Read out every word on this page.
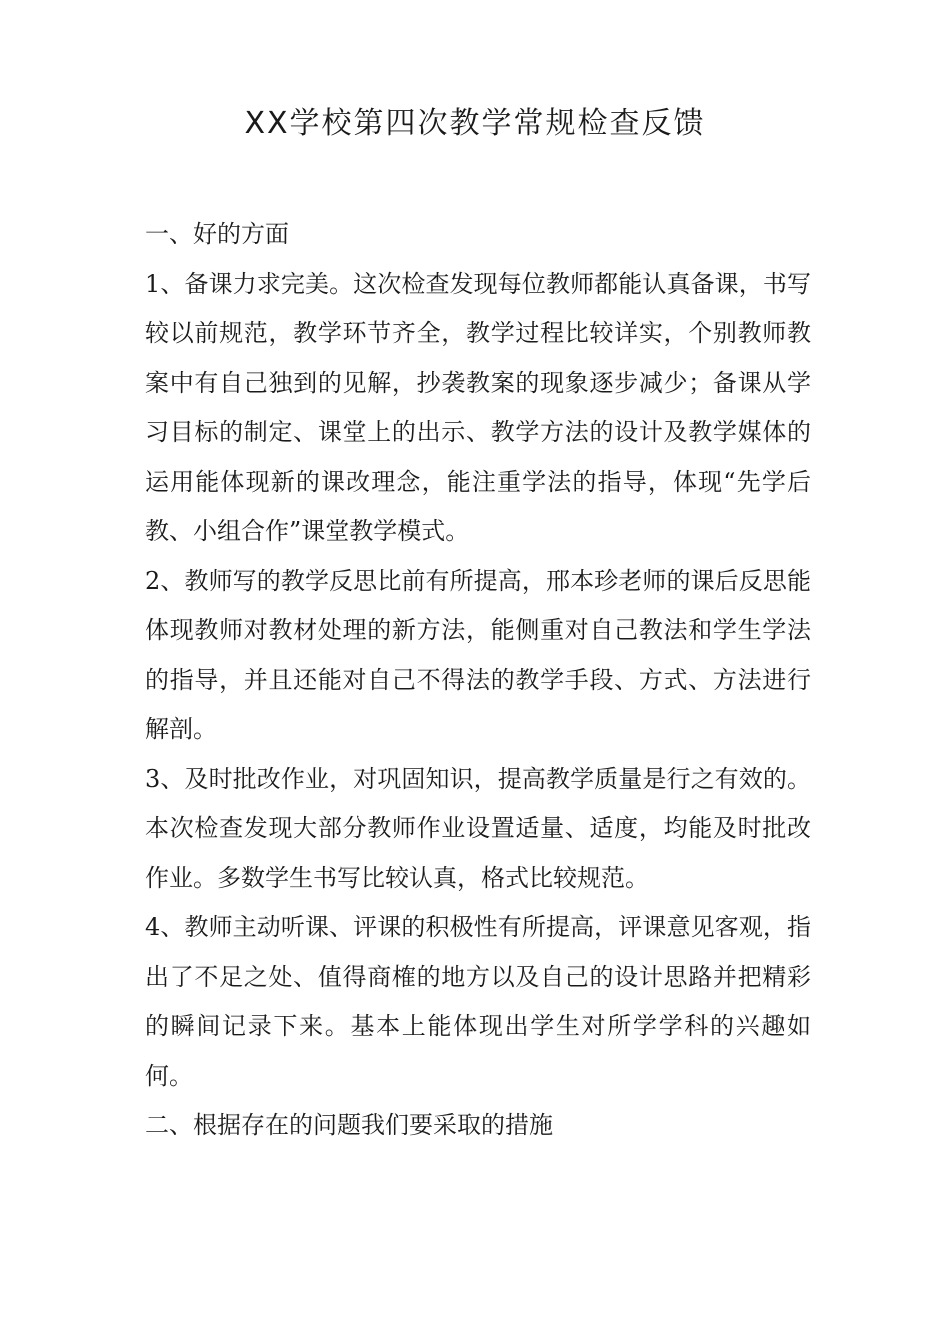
XX学校第四次教学常规检查反馈

一、好的方面

1、备课力求完美。这次检查发现每位教师都能认真备课，书写较以前规范，教学环节齐全，教学过程比较详实，个别教师教案中有自己独到的见解，抄袭教案的现象逐步减少；备课从学习目标的制定、课堂上的出示、教学方法的设计及教学媒体的运用能体现新的课改理念，能注重学法的指导，体现“先学后教、小组合作”课堂教学模式。

2、教师写的教学反思比前有所提高，邢本珍老师的课后反思能体现教师对教材处理的新方法，能侧重对自己教法和学生学法的指导，并且还能对自己不得法的教学手段、方式、方法进行解剖。

3、及时批改作业，对巩固知识，提高教学质量是行之有效的。本次检查发现大部分教师作业设置适量、适度，均能及时批改作业。多数学生书写比较认真，格式比较规范。

4、教师主动听课、评课的积极性有所提高，评课意见客观，指出了不足之处、值得商榷的地方以及自己的设计思路并把精彩的瞬间记录下来。基本上能体现出学生对所学学科的兴趣如何。

二、根据存在的问题我们要采取的措施
